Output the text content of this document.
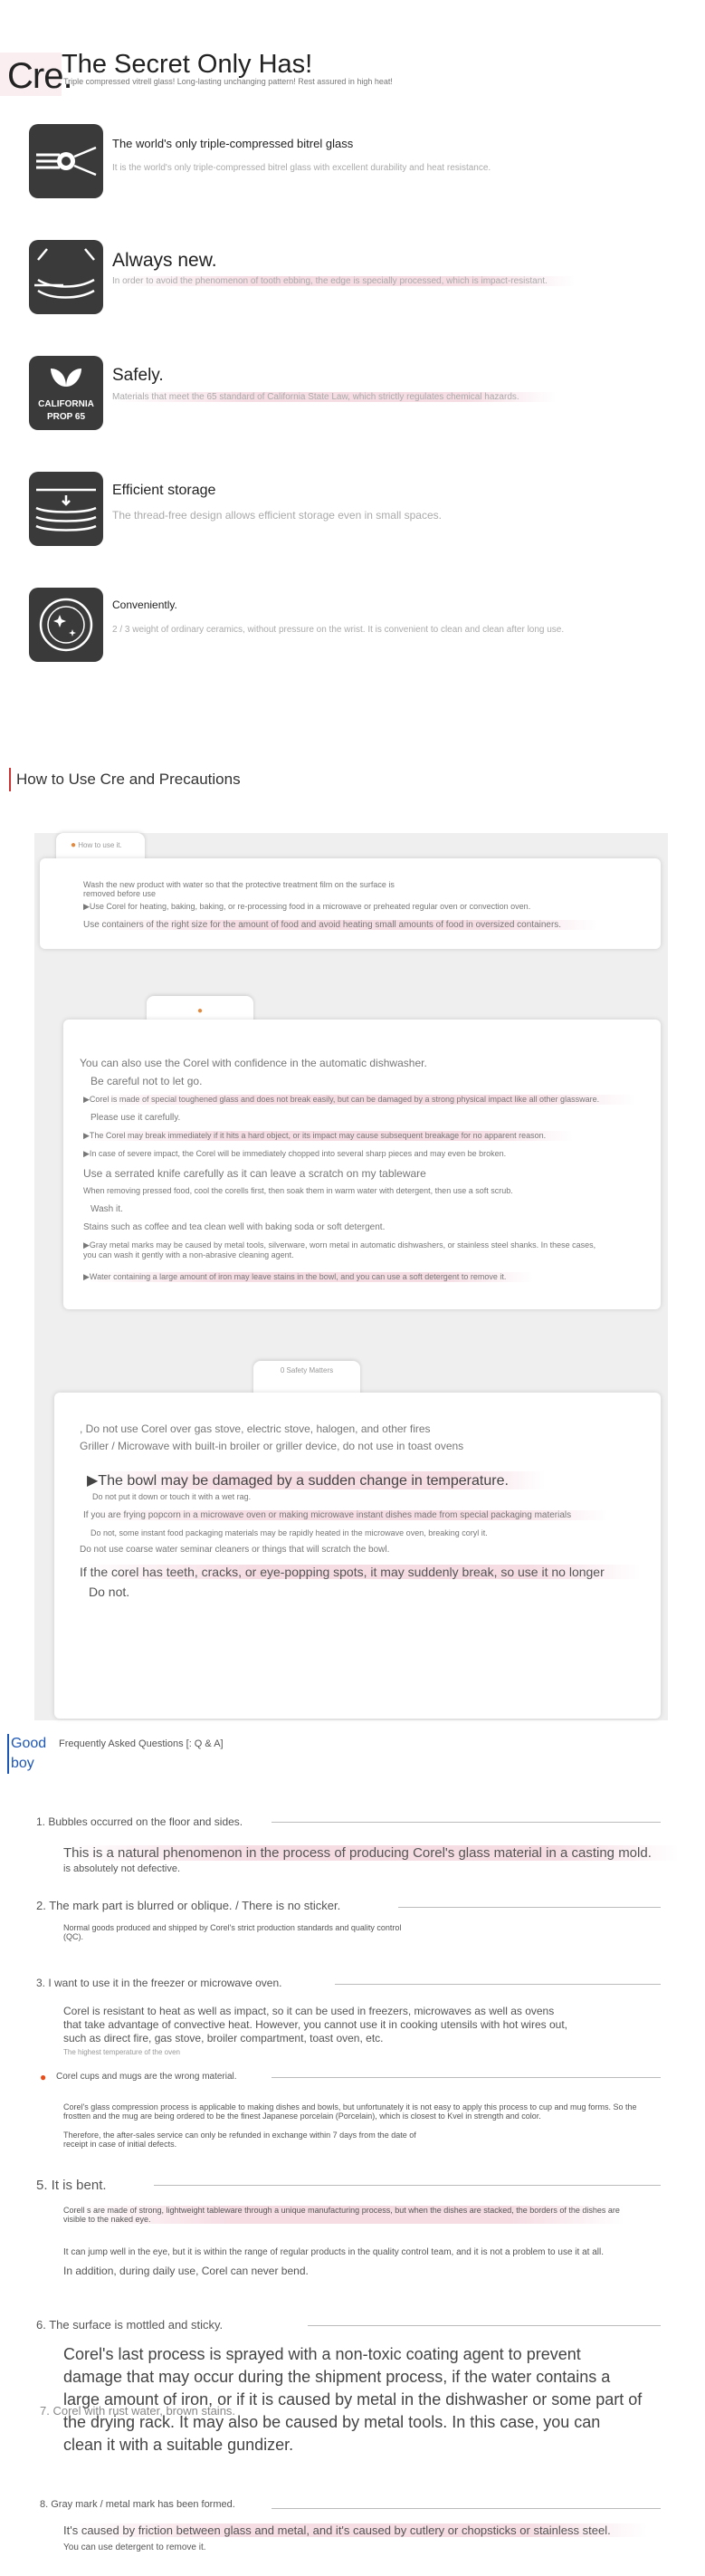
Cre.
The Secret Only Has!
Triple compressed vitrell glass! Long-lasting unchanging pattern! Rest assured in high heat!
The world's only triple-compressed bitrel glass
It is the world's only triple-compressed bitrel glass with excellent durability and heat resistance.
Always new.
In order to avoid the phenomenon of tooth ebbing, the edge is specially processed, which is impact-resistant.
CALIFORNIA
PROP 65
Safely.
Materials that meet the 65 standard of California State Law, which strictly regulates chemical hazards.
Efficient storage
The thread-free design allows efficient storage even in small spaces.
Conveniently.
2 / 3 weight of ordinary ceramics, without pressure on the wrist. It is convenient to clean and clean after long use.
How to Use Cre and Precautions
● How to use it.
Wash the new product with water so that the protective treatment film on the surface is removed before use
▶Use Corel for heating, baking, baking, or re-processing food in a microwave or preheated regular oven or convection oven.
Use containers of the right size for the amount of food and avoid heating small amounts of food in oversized containers.
●
You can also use the Corel with confidence in the automatic dishwasher.
Be careful not to let go.
▶Corel is made of special toughened glass and does not break easily, but can be damaged by a strong physical impact like all other glassware.
Please use it carefully.
▶The Corel may break immediately if it hits a hard object, or its impact may cause subsequent breakage for no apparent reason.
▶In case of severe impact, the Corel will be immediately chopped into several sharp pieces and may even be broken.
Use a serrated knife carefully as it can leave a scratch on my tableware
When removing pressed food, cool the corells first, then soak them in warm water with detergent, then use a soft scrub.
Wash it.
Stains such as coffee and tea clean well with baking soda or soft detergent.
▶Gray metal marks may be caused by metal tools, silverware, worn metal in automatic dishwashers, or stainless steel shanks. In these cases, you can wash it gently with a non-abrasive cleaning agent.
▶Water containing a large amount of iron may leave stains in the bowl, and you can use a soft detergent to remove it.
0 Safety Matters
, Do not use Corel over gas stove, electric stove, halogen, and other fires
Griller / Microwave with built-in broiler or griller device, do not use in toast ovens
▶The bowl may be damaged by a sudden change in temperature.
Do not put it down or touch it with a wet rag.
If you are frying popcorn in a microwave oven or making microwave instant dishes made from special packaging materials
Do not, some instant food packaging materials may be rapidly heated in the microwave oven, breaking coryl it.
Do not use coarse water seminar cleaners or things that will scratch the bowl.
If the corel has teeth, cracks, or eye-popping spots, it may suddenly break, so use it no longer
Do not.
Good boy
Frequently Asked Questions [: Q & A]
1. Bubbles occurred on the floor and sides.
This is a natural phenomenon in the process of producing Corel's glass material in a casting mold.
is absolutely not defective.
2. The mark part is blurred or oblique. / There is no sticker.
Normal goods produced and shipped by Corel's strict production standards and quality control (QC).
3. I want to use it in the freezer or microwave oven.
Corel is resistant to heat as well as impact, so it can be used in freezers, microwaves as well as ovens that take advantage of convective heat. However, you cannot use it in cooking utensils with hot wires out, such as direct fire, gas stove, broiler compartment, toast oven, etc.
The highest temperature of the oven
● Corel cups and mugs are the wrong material.
Corel's glass compression process is applicable to making dishes and bowls, but unfortunately it is not easy to apply this process to cup and mug forms. So the frostten and the mug are being ordered to be the finest Japanese porcelain (Porcelain), which is closest to Kvel in strength and color.
Therefore, the after-sales service can only be refunded in exchange within 7 days from the date of receipt in case of initial defects.
5. It is bent.
Corell s are made of strong, lightweight tableware through a unique manufacturing process, but when the dishes are stacked, the borders of the dishes are visible to the naked eye.
It can jump well in the eye, but it is within the range of regular products in the quality control team, and it is not a problem to use it at all.
In addition, during daily use, Corel can never bend.
6. The surface is mottled and sticky.
Corel's last process is sprayed with a non-toxic coating agent to prevent damage that may occur during the shipment process, if the water contains a large amount of iron, or if it is caused by metal in the dishwasher or some part of the drying rack. It may also be caused by metal tools. In this case, you can clean it with a suitable gundizer.
7. Corel with rust water, brown stains.
8. Gray mark / metal mark has been formed.
It's caused by friction between glass and metal, and it's caused by cutlery or chopsticks or stainless steel.
You can use detergent to remove it.
